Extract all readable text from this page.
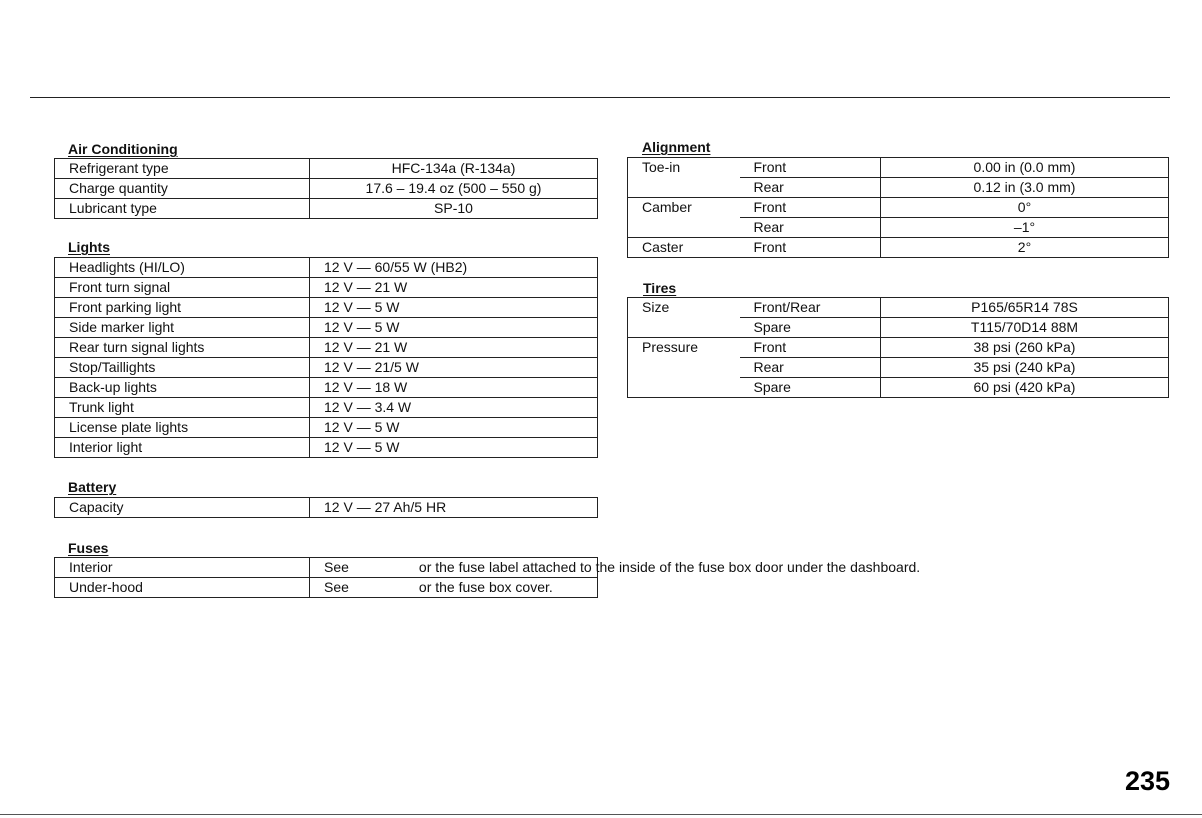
Air Conditioning
Refrigerant type	HFC-134a (R-134a)
Charge quantity	17.6 – 19.4 oz (500 – 550 g)
Lubricant type	SP-10
Lights
Headlights (HI/LO)	12 V — 60/55 W (HB2)
Front turn signal	12 V — 21 W
Front parking light	12 V — 5 W
Side marker light	12 V — 5 W
Rear turn signal lights	12 V — 21 W
Stop/Taillights	12 V — 21/5 W
Back-up lights	12 V — 18 W
Trunk light	12 V — 3.4 W
License plate lights	12 V — 5 W
Interior light	12 V — 5 W
Battery
Capacity	12 V — 27 Ah/5 HR
Fuses
Interior	See or the fuse label attached to the inside of the fuse box door under the dashboard.
Under-hood	See or the fuse box cover.
Alignment
Toe-in	Front	0.00 in (0.0 mm)
	Rear	0.12 in (3.0 mm)
Camber	Front	0°
	Rear	–1°
Caster	Front	2°
Tires
Size	Front/Rear	P165/65R14 78S
	Spare	T115/70D14 88M
Pressure	Front	38 psi (260 kPa)
	Rear	35 psi (240 kPa)
	Spare	60 psi (420 kPa)
235
